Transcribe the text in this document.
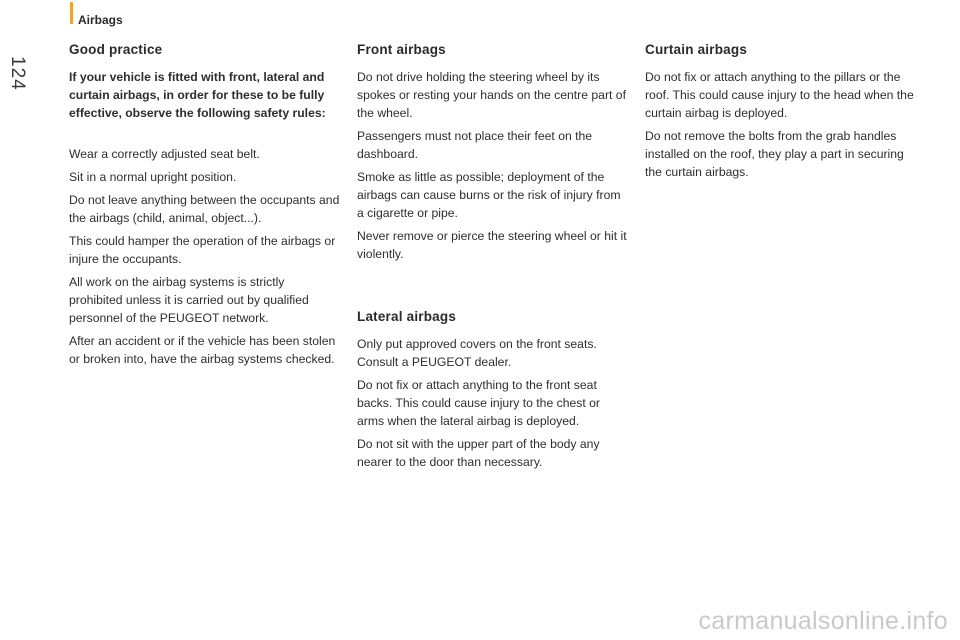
Airbags
124
Good practice

If your vehicle is fitted with front, lateral and curtain airbags, in order for these to be fully effective, observe the following safety rules:

Wear a correctly adjusted seat belt.

Sit in a normal upright position.

Do not leave anything between the occupants and the airbags (child, animal, object...).

This could hamper the operation of the airbags or injure the occupants.

All work on the airbag systems is strictly prohibited unless it is carried out by qualified personnel of the PEUGEOT network.

After an accident or if the vehicle has been stolen or broken into, have the airbag systems checked.

Front airbags

Do not drive holding the steering wheel by its spokes or resting your hands on the centre part of the wheel.

Passengers must not place their feet on the dashboard.

Smoke as little as possible; deployment of the airbags can cause burns or the risk of injury from a cigarette or pipe.

Never remove or pierce the steering wheel or hit it violently.

Lateral airbags

Only put approved covers on the front seats. Consult a PEUGEOT dealer.

Do not fix or attach anything to the front seat backs. This could cause injury to the chest or arms when the lateral airbag is deployed.

Do not sit with the upper part of the body any nearer to the door than necessary.

Curtain airbags

Do not fix or attach anything to the pillars or the roof. This could cause injury to the head when the curtain airbag is deployed.

Do not remove the bolts from the grab handles installed on the roof, they play a part in securing the curtain airbags.

carmanualsonline.info
